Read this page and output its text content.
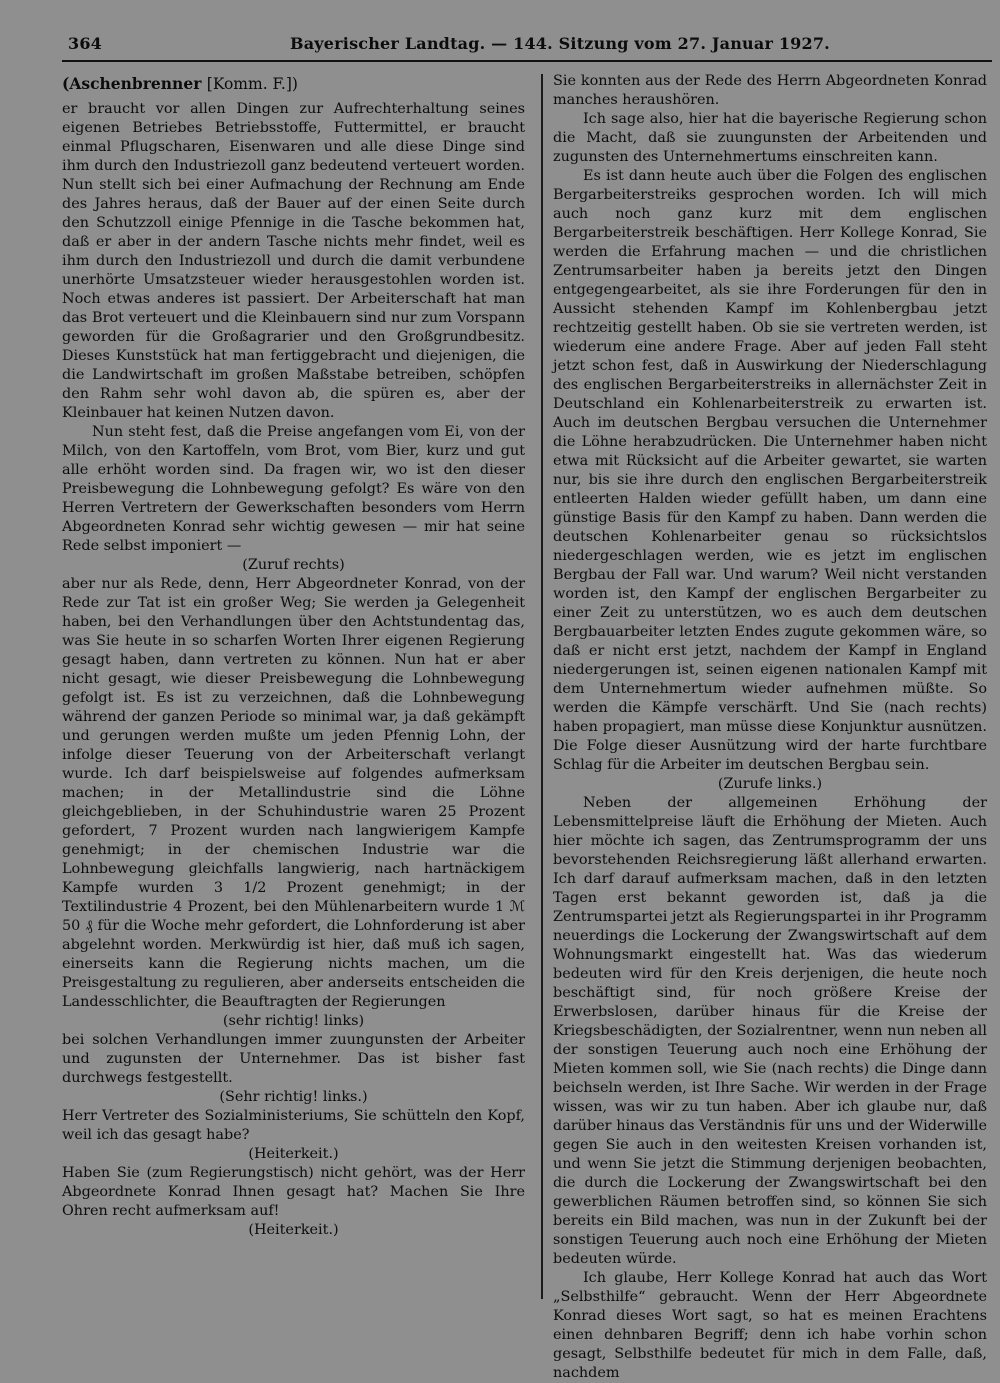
364	Bayerischer Landtag. — 144. Sitzung vom 27. Januar 1927.
(Aschenbrenner [Komm. F.])

er braucht vor allen Dingen zur Aufrechterhaltung seines eigenen Betriebes Betriebsstoffe, Futtermittel, er braucht einmal Pflugscharen, Eisenwaren und alle diese Dinge sind ihm durch den Industriezoll ganz bedeutend verteuert worden. Nun stellt sich bei einer Aufmachung der Rechnung am Ende des Jahres heraus, daß der Bauer auf der einen Seite durch den Schutzzoll einige Pfennige in die Tasche bekommen hat, daß er aber in der andern Tasche nichts mehr findet, weil es ihm durch den Industriezoll und durch die damit verbundene unerhörte Umsatzsteuer wieder herausgestohlen worden ist. Noch etwas anderes ist passiert. Der Arbeiterschaft hat man das Brot verteuert und die Kleinbauern sind nur zum Vorspann geworden für die Großagrarier und den Großgrundbesitz. Dieses Kunststück hat man fertiggebracht und diejenigen, die die Landwirtschaft im großen Maßstabe betreiben, schöpfen den Rahm sehr wohl davon ab, die spüren es, aber der Kleinbauer hat keinen Nutzen davon.

Nun steht fest, daß die Preise angefangen vom Ei, von der Milch, von den Kartoffeln, vom Brot, vom Bier, kurz und gut alle erhöht worden sind. Da fragen wir, wo ist den dieser Preisbewegung die Lohnbewegung gefolgt? Es wäre von den Herren Vertretern der Gewerkschaften besonders vom Herrn Abgeordneten Konrad sehr wichtig gewesen — mir hat seine Rede selbst imponiert —

(Zuruf rechts)

aber nur als Rede, denn, Herr Abgeordneter Konrad, von der Rede zur Tat ist ein großer Weg; Sie werden ja Gelegenheit haben, bei den Verhandlungen über den Achtstundentag das, was Sie heute in so scharfen Worten Ihrer eigenen Regierung gesagt haben, dann vertreten zu können. Nun hat er aber nicht gesagt, wie dieser Preisbewegung die Lohnbewegung gefolgt ist. Es ist zu verzeichnen, daß die Lohnbewegung während der ganzen Periode so minimal war, ja daß gekämpft und gerungen werden mußte um jeden Pfennig Lohn, der infolge dieser Teuerung von der Arbeiterschaft verlangt wurde. Ich darf beispielsweise auf folgendes aufmerksam machen; in der Metallindustrie sind die Löhne gleichgeblieben, in der Schuhindustrie waren 25 Prozent gefordert, 7 Prozent wurden nach langwierigem Kampfe genehmigt; in der chemischen Industrie war die Lohnbewegung gleichfalls langwierig, nach hartnäckigem Kampfe wurden 3 1/2 Prozent genehmigt; in der Textilindustrie 4 Prozent, bei den Mühlenarbeitern wurde 1 ℳ 50 ₰ für die Woche mehr gefordert, die Lohnforderung ist aber abgelehnt worden. Merkwürdig ist hier, daß muß ich sagen, einerseits kann die Regierung nichts machen, um die Preisgestaltung zu regulieren, aber anderseits entscheiden die Landesschlichter, die Beauftragten der Regierungen

(sehr richtig! links)

bei solchen Verhandlungen immer zuungunsten der Arbeiter und zugunsten der Unternehmer. Das ist bisher fast durchwegs festgestellt.

(Sehr richtig! links.)

Herr Vertreter des Sozialministeriums, Sie schütteln den Kopf, weil ich das gesagt habe?

(Heiterkeit.)

Haben Sie (zum Regierungstisch) nicht gehört, was der Herr Abgeordnete Konrad Ihnen gesagt hat? Machen Sie Ihre Ohren recht aufmerksam auf!

(Heiterkeit.)

Sie konnten aus der Rede des Herrn Abgeordneten Konrad manches heraushören.

Ich sage also, hier hat die bayerische Regierung schon die Macht, daß sie zuungunsten der Arbeitenden und zugunsten des Unternehmertums einschreiten kann.

Es ist dann heute auch über die Folgen des englischen Bergarbeiterstreiks gesprochen worden. Ich will mich auch noch ganz kurz mit dem englischen Bergarbeiterstreik beschäftigen. Herr Kollege Konrad, Sie werden die Erfahrung machen — und die christlichen Zentrumsarbeiter haben ja bereits jetzt den Dingen entgegengearbeitet, als sie ihre Forderungen für den in Aussicht stehenden Kampf im Kohlenbergbau jetzt rechtzeitig gestellt haben. Ob sie sie vertreten werden, ist wiederum eine andere Frage. Aber auf jeden Fall steht jetzt schon fest, daß in Auswirkung der Niederschlagung des englischen Bergarbeiterstreiks in allernächster Zeit in Deutschland ein Kohlenarbeiterstreik zu erwarten ist. Auch im deutschen Bergbau versuchen die Unternehmer die Löhne herabzudrücken. Die Unternehmer haben nicht etwa mit Rücksicht auf die Arbeiter gewartet, sie warten nur, bis sie ihre durch den englischen Bergarbeiterstreik entleerten Halden wieder gefüllt haben, um dann eine günstige Basis für den Kampf zu haben. Dann werden die deutschen Kohlenarbeiter genau so rücksichtslos niedergeschlagen werden, wie es jetzt im englischen Bergbau der Fall war. Und warum? Weil nicht verstanden worden ist, den Kampf der englischen Bergarbeiter zu einer Zeit zu unterstützen, wo es auch dem deutschen Bergbauarbeiter letzten Endes zugute gekommen wäre, so daß er nicht erst jetzt, nachdem der Kampf in England niedergerungen ist, seinen eigenen nationalen Kampf mit dem Unternehmertum wieder aufnehmen müßte. So werden die Kämpfe verschärft. Und Sie (nach rechts) haben propagiert, man müsse diese Konjunktur ausnützen. Die Folge dieser Ausnützung wird der harte furchtbare Schlag für die Arbeiter im deutschen Bergbau sein.

(Zurufe links.)

Neben der allgemeinen Erhöhung der Lebensmittelpreise läuft die Erhöhung der Mieten. Auch hier möchte ich sagen, das Zentrumsprogramm der uns bevorstehenden Reichsregierung läßt allerhand erwarten. Ich darf darauf aufmerksam machen, daß in den letzten Tagen erst bekannt geworden ist, daß ja die Zentrumspartei jetzt als Regierungspartei in ihr Programm neuerdings die Lockerung der Zwangswirtschaft auf dem Wohnungsmarkt eingestellt hat. Was das wiederum bedeuten wird für den Kreis derjenigen, die heute noch beschäftigt sind, für noch größere Kreise der Erwerbslosen, darüber hinaus für die Kreise der Kriegsbeschädigten, der Sozialrentner, wenn nun neben all der sonstigen Teuerung auch noch eine Erhöhung der Mieten kommen soll, wie Sie (nach rechts) die Dinge dann beichseln werden, ist Ihre Sache. Wir werden in der Frage wissen, was wir zu tun haben. Aber ich glaube nur, daß darüber hinaus das Verständnis für uns und der Widerwille gegen Sie auch in den weitesten Kreisen vorhanden ist, und wenn Sie jetzt die Stimmung derjenigen beobachten, die durch die Lockerung der Zwangswirtschaft bei den gewerblichen Räumen betroffen sind, so können Sie sich bereits ein Bild machen, was nun in der Zukunft bei der sonstigen Teuerung auch noch eine Erhöhung der Mieten bedeuten würde.

Ich glaube, Herr Kollege Konrad hat auch das Wort „Selbsthilfe“ gebraucht. Wenn der Herr Abgeordnete Konrad dieses Wort sagt, so hat es meinen Erachtens einen dehnbaren Begriff; denn ich habe vorhin schon gesagt, Selbsthilfe bedeutet für mich in dem Falle, daß, nachdem
